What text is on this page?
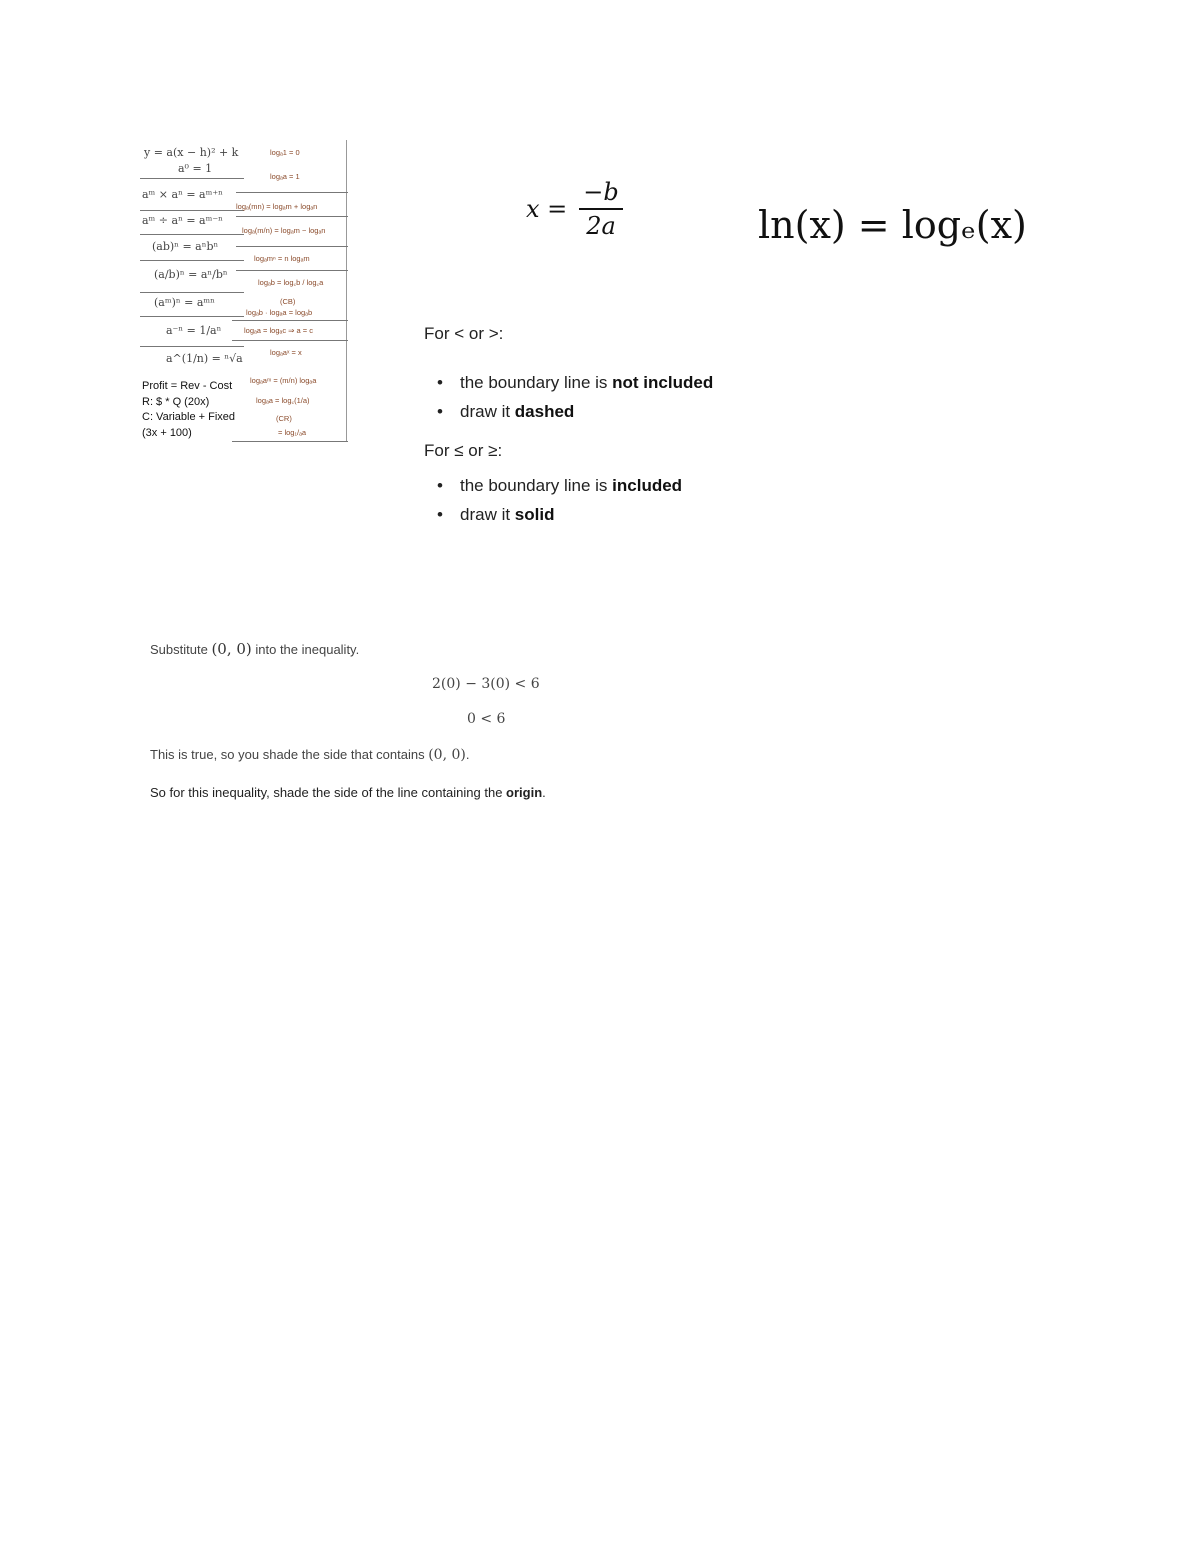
y = a(x − h)² + k
a⁰ = 1
aᵐ × aⁿ = aᵐ⁺ⁿ
aᵐ ÷ aⁿ = aᵐ⁻ⁿ
(ab)ⁿ = aⁿbⁿ
(a/b)ⁿ = aⁿ/bⁿ
(aᵐ)ⁿ = aᵐⁿ
a⁻ⁿ = 1/aⁿ
a^(1/n) = ⁿ√a
logₐ1 = 0
logₐa = 1
logₐ(mn) = logₐm + logₐn
logₐ(m/n) = logₐm − logₐn
logₐmⁿ = n logₐm
logₐb = log꜀b / log꜀a
(CB)
logₐb · logₐa = logₐb
logₐa = logₐc ⇒ a = c
logₐaˣ = x
logₐaᵐ = (m/n) logₐa
logₐa = log꜀(1/a)
(CR)
= log₁/ₐa
Profit = Rev - Cost
R: $ * Q (20x)
C: Variable + Fixed
(3x + 100)
$x = \frac{-b}{2a}$	ln(x) = logₑ(x)
For < or >:
• the boundary line is not included
• draw it dashed
For ≤ or ≥:
• the boundary line is included
• draw it solid
Substitute (0, 0) into the inequality.
2(0) − 3(0) < 6
0 < 6
This is true, so you shade the side that contains (0, 0).
So for this inequality, shade the side of the line containing the origin.
